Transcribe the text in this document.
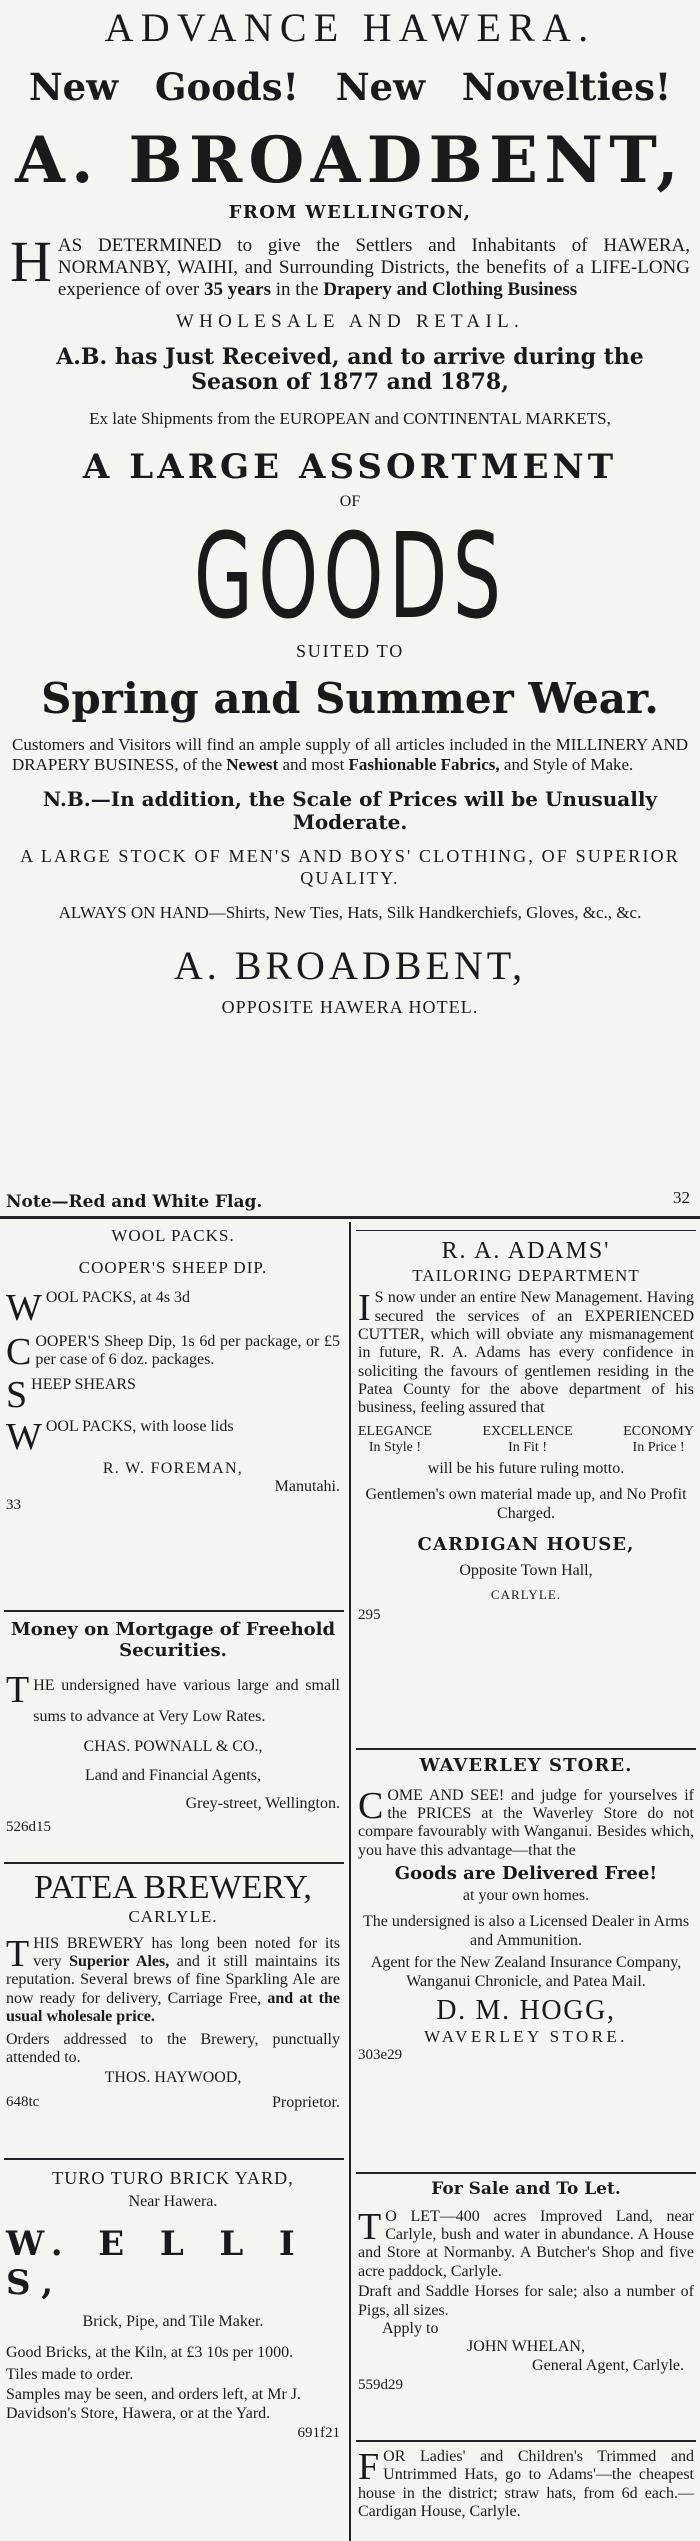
ADVANCE HAWERA.
New Goods! New Novelties!
A. BROADBENT,
FROM WELLINGTON,
HAS DETERMINED to give the Settlers and Inhabitants of HAWERA, NORMANBY, WAIHI, and Surrounding Districts, the benefits of a LIFE-LONG experience of over 35 years in the Drapery and Clothing Business
WHOLESALE AND RETAIL.
A.B. has Just Received, and to arrive during the Season of 1877 and 1878,
Ex late Shipments from the EUROPEAN and CONTINENTAL MARKETS,
A LARGE ASSORTMENT
OF
GOODS
SUITED TO
Spring and Summer Wear.
Customers and Visitors will find an ample supply of all articles included in the MILLINERY AND DRAPERY BUSINESS, of the Newest and most Fashionable Fabrics, and Style of Make.
N.B.—In addition, the Scale of Prices will be Unusually Moderate.
A LARGE STOCK OF MEN'S AND BOYS' CLOTHING, OF SUPERIOR QUALITY.
ALWAYS ON HAND—Shirts, New Ties, Hats, Silk Handkerchiefs, Gloves, &c., &c.
A. BROADBENT,
OPPOSITE HAWERA HOTEL.
Note—Red and White Flag.	32
WOOL PACKS.
COOPER'S SHEEP DIP.
WOOL PACKS, at 4s 3d
COOPER'S Sheep Dip, 1s 6d per package, or £5 per case of 6 doz. packages.
SHEEP SHEARS
WOOL PACKS, with loose lids
R. W. FOREMAN,
Manutahi.
33
Money on Mortgage of Freehold Securities.
THE undersigned have various large and small sums to advance at Very Low Rates.
CHAS. POWNALL & CO.,
Land and Financial Agents,
Grey-street, Wellington.
526d15
PATEA BREWERY,
CARLYLE.
THIS BREWERY has long been noted for its very Superior Ales, and it still maintains its reputation. Several brews of fine Sparkling Ale are now ready for delivery, Carriage Free, and at the usual wholesale price.
Orders addressed to the Brewery, punctually attended to.
THOS. HAYWOOD,
648tc	Proprietor.
TURO TURO BRICK YARD,
Near Hawera.
W. E L L I S,
Brick, Pipe, and Tile Maker.
Good Bricks, at the Kiln, at £3 10s per 1000.
Tiles made to order.
Samples may be seen, and orders left, at Mr J. Davidson's Store, Hawera, or at the Yard.
691f21
R. A. ADAMS'
TAILORING DEPARTMENT
I S now under an entire New Management. Having secured the services of an EXPERIENCED CUTTER, which will obviate any mismanagement in future, R. A. Adams has every confidence in soliciting the favours of gentlemen residing in the Patea County for the above department of his business, feeling assured that
ELEGANCE
In Style !
EXCELLENCE
In Fit !
ECONOMY
In Price !
will be his future ruling motto.
Gentlemen's own material made up, and No Profit Charged.
CARDIGAN HOUSE,
Opposite Town Hall,
CARLYLE.
295
WAVERLEY STORE.
COME AND SEE! and judge for yourselves if the PRICES at the Waverley Store do not compare favourably with Wanganui. Besides which, you have this advantage—that the
Goods are Delivered Free!
at your own homes.
The undersigned is also a Licensed Dealer in Arms and Ammunition.
Agent for the New Zealand Insurance Company, Wanganui Chronicle, and Patea Mail.
D. M. HOGG,
WAVERLEY STORE.
303e29
For Sale and To Let.
T O LET—400 acres Improved Land, near Carlyle, bush and water in abundance. A House and Store at Normanby. A Butcher's Shop and five acre paddock, Carlyle.
Draft and Saddle Horses for sale; also a number of Pigs, all sizes.
Apply to
JOHN WHELAN,
General Agent, Carlyle.
559d29
FOR Ladies' and Children's Trimmed and Untrimmed Hats, go to Adams'—the cheapest house in the district; straw hats, from 6d each.—Cardigan House, Carlyle.
